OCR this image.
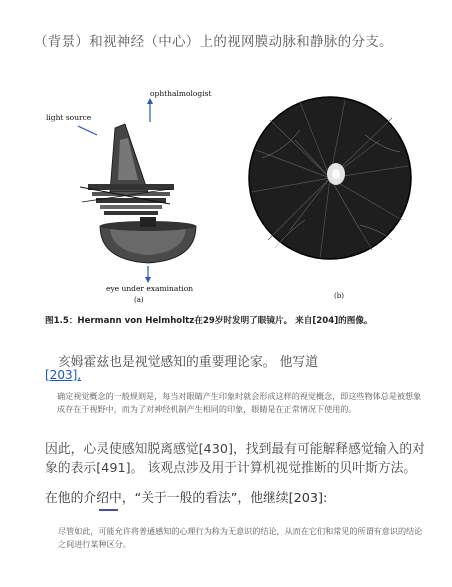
（背景）和视神经（中心）上的视网膜动脉和静脉的分支。
ophthalmologist
light source
eye under examination
(a)	(b)
图1.5：Hermann von Helmholtz在29岁时发明了眼镜片。 来自[204]的图像。
亥姆霍兹也是视觉感知的重要理论家。 他写道
[203],
确定视觉概念的一般规则是，每当对眼睛产生印象时就会形成这样的视觉概念，即这些物体总是被想象成存在于视野中，而为了对神经机制产生相同的印象，眼睛是在正常情况下使用的。
因此，心灵使感知脱离感觉[430]，找到最有可能解释感觉输入的对象的表示[491]。 该观点涉及用于计算机视觉推断的贝叶斯方法。
在他的介绍中，“关于一般的看法”，他继续[203]:
尽管如此，可能允许将普通感知的心理行为称为无意识的结论，从而在它们和常见的所谓有意识的结论之间进行某种区分。
